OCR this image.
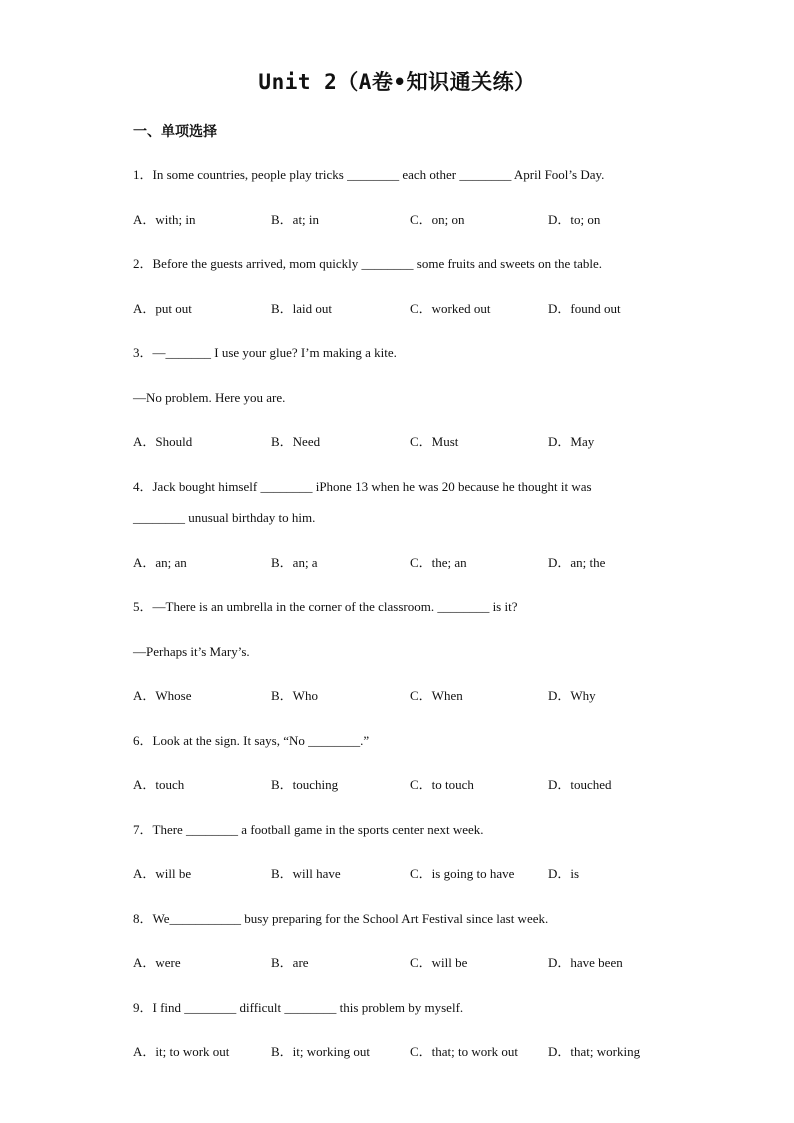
Unit 2（A卷•知识通关练）
一、单项选择
1．In some countries, people play tricks ________ each other ________ April Fool’s Day.
A．with; in	B．at; in	C．on; on	D．to; on
2．Before the guests arrived, mom quickly ________ some fruits and sweets on the table.
A．put out	B．laid out	C．worked out	D．found out
3．—_______ I use your glue? I’m making a kite.
—No problem. Here you are.
A．Should	B．Need	C．Must	D．May
4．Jack bought himself ________ iPhone 13 when he was 20 because he thought it was
________ unusual birthday to him.
A．an; an	B．an; a	C．the; an	D．an; the
5．—There is an umbrella in the corner of the classroom. ________ is it?
—Perhaps it’s Mary’s.
A．Whose	B．Who	C．When	D．Why
6．Look at the sign. It says, “No ________.”
A．touch	B．touching	C．to touch	D．touched
7．There ________ a football game in the sports center next week.
A．will be	B．will have	C．is going to have	D．is
8．We___________ busy preparing for the School Art Festival since last week.
A．were	B．are	C．will be	D．have been
9．I find ________ difficult ________ this problem by myself.
A．it; to work out	B．it; working out	C．that; to work out D．that; working
